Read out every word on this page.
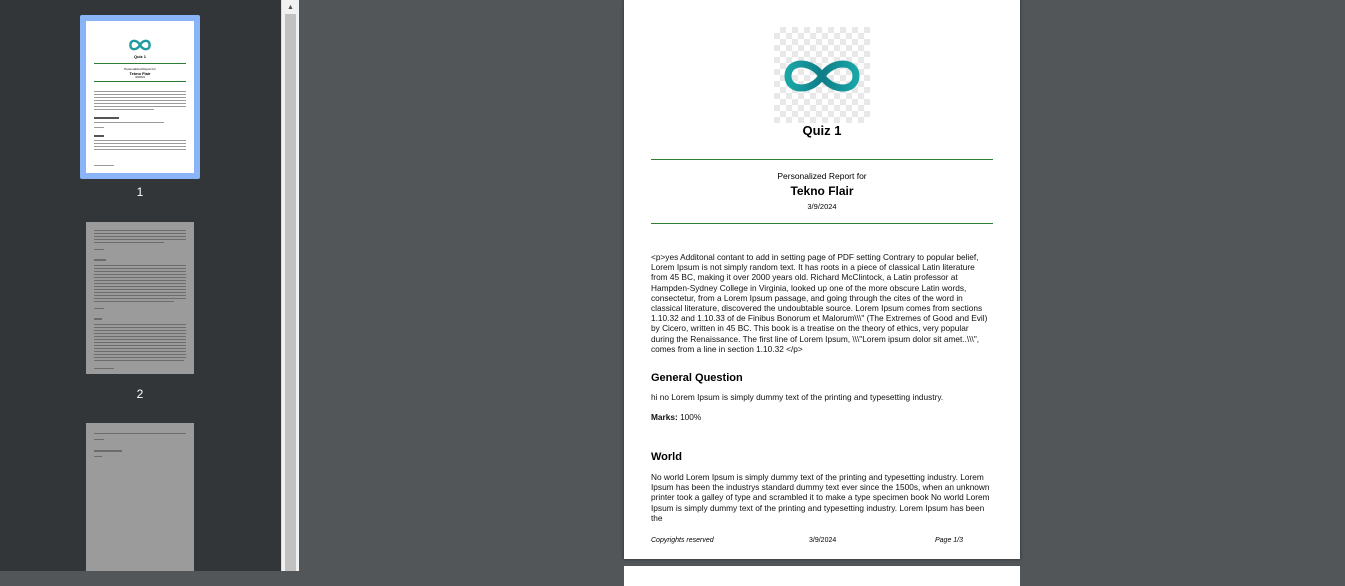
Quiz 1
Personalized Report for
Tekno Flair
3/9/2024
1
2
▲
Quiz 1
Personalized Report for
Tekno Flair
3/9/2024
<p>yes Additonal contant to add in setting page of PDF setting Contrary to popular belief, Lorem Ipsum is not simply random text. It has roots in a piece of classical Latin literature from 45 BC, making it over 2000 years old. Richard McClintock, a Latin professor at Hampden-Sydney College in Virginia, looked up one of the more obscure Latin words, consectetur, from a Lorem Ipsum passage, and going through the cites of the word in classical literature, discovered the undoubtable source. Lorem Ipsum comes from sections 1.10.32 and 1.10.33 of de Finibus Bonorum et Malorum\\\" (The Extremes of Good and Evil) by Cicero, written in 45 BC. This book is a treatise on the theory of ethics, very popular during the Renaissance. The first line of Lorem Ipsum, \\\"Lorem ipsum dolor sit amet..\\\", comes from a line in section 1.10.32 </p>
General Question
hi no Lorem Ipsum is simply dummy text of the printing and typesetting industry.
Marks: 100%
World
No world Lorem Ipsum is simply dummy text of the printing and typesetting industry. Lorem Ipsum has been the industrys standard dummy text ever since the 1500s, when an unknown printer took a galley of type and scrambled it to make a type specimen book No world Lorem Ipsum is simply dummy text of the printing and typesetting industry. Lorem Ipsum has been the
Copyrights reserved	3/9/2024	Page 1/3
